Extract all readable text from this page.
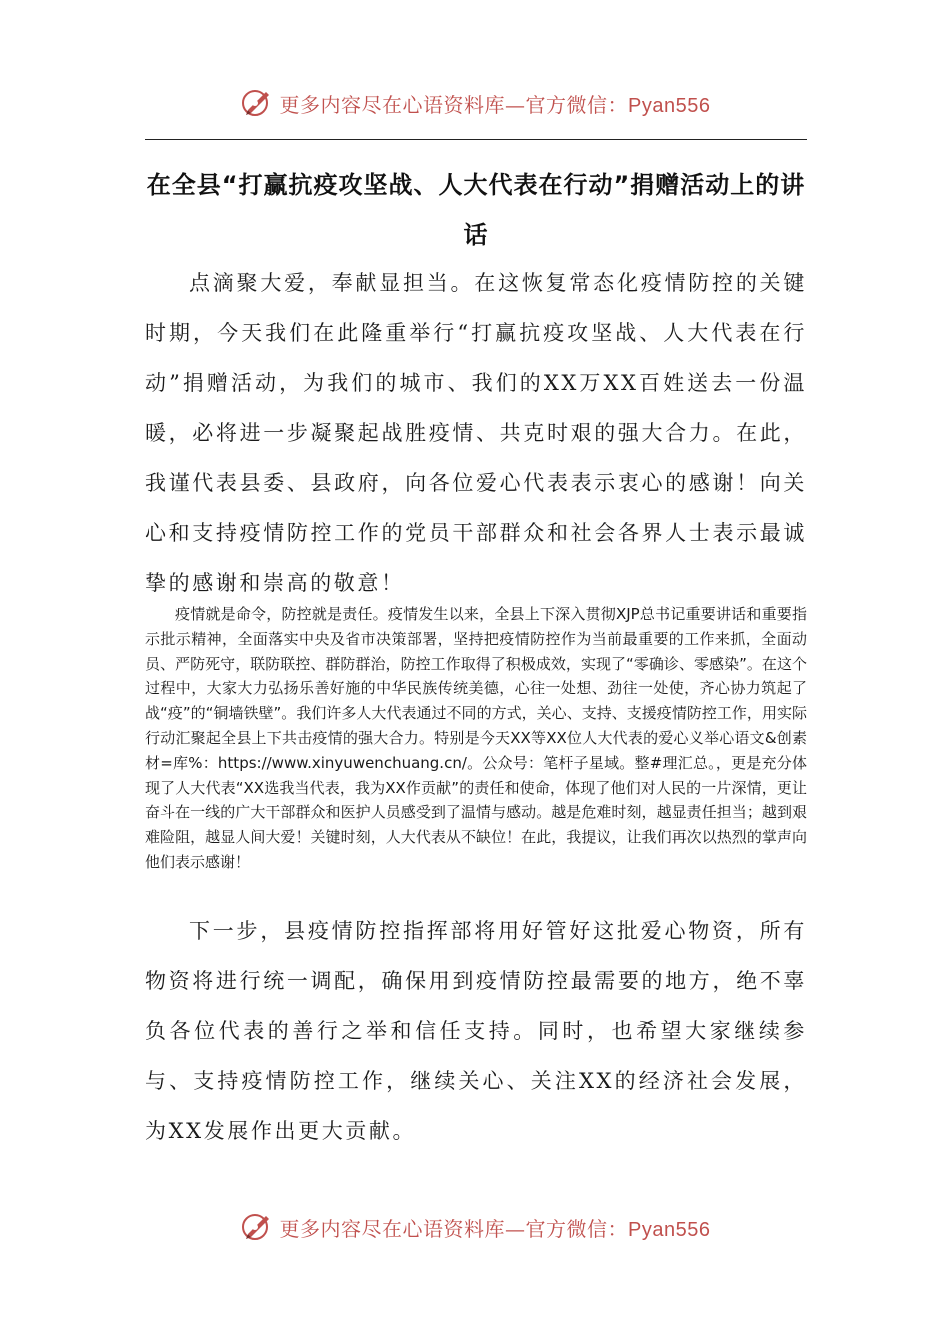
更多内容尽在心语资料库—官方微信：Pyan556
在全县“打赢抗疫攻坚战、人大代表在行动”捐赠活动上的讲话

点滴聚大爱，奉献显担当。在这恢复常态化疫情防控的关键时期，今天我们在此隆重举行“打赢抗疫攻坚战、人大代表在行动”捐赠活动，为我们的城市、我们的XX万XX百姓送去一份温暖，必将进一步凝聚起战胜疫情、共克时艰的强大合力。在此，我谨代表县委、县政府，向各位爱心代表表示衷心的感谢！向关心和支持疫情防控工作的党员干部群众和社会各界人士表示最诚挚的感谢和崇高的敬意！

疫情就是命令，防控就是责任。疫情发生以来，全县上下深入贯彻XJP总书记重要讲话和重要指示批示精神，全面落实中央及省市决策部署，坚持把疫情防控作为当前最重要的工作来抓，全面动员、严防死守，联防联控、群防群治，防控工作取得了积极成效，实现了“零确诊、零感染”。在这个过程中，大家大力弘扬乐善好施的中华民族传统美德，心往一处想、劲往一处使，齐心协力筑起了战“疫”的“铜墙铁壁”。我们许多人大代表通过不同的方式，关心、支持、支援疫情防控工作，用实际行动汇聚起全县上下共击疫情的强大合力。特别是今天XX等XX位人大代表的爱心义举心语文&创素材=库%：https://www.xinyuwenchuang.cn/。公众号：笔杆子星域。整#理汇总。，更是充分体现了人大代表“XX选我当代表，我为XX作贡献”的责任和使命，体现了他们对人民的一片深情，更让奋斗在一线的广大干部群众和医护人员感受到了温情与感动。越是危难时刻，越显责任担当；越到艰难险阻，越显人间大爱！关键时刻，人大代表从不缺位！在此，我提议，让我们再次以热烈的掌声向他们表示感谢！

下一步，县疫情防控指挥部将用好管好这批爱心物资，所有物资将进行统一调配，确保用到疫情防控最需要的地方，绝不辜负各位代表的善行之举和信任支持。同时，也希望大家继续参与、支持疫情防控工作，继续关心、关注XX的经济社会发展，为XX发展作出更大贡献。

更多内容尽在心语资料库—官方微信：Pyan556
